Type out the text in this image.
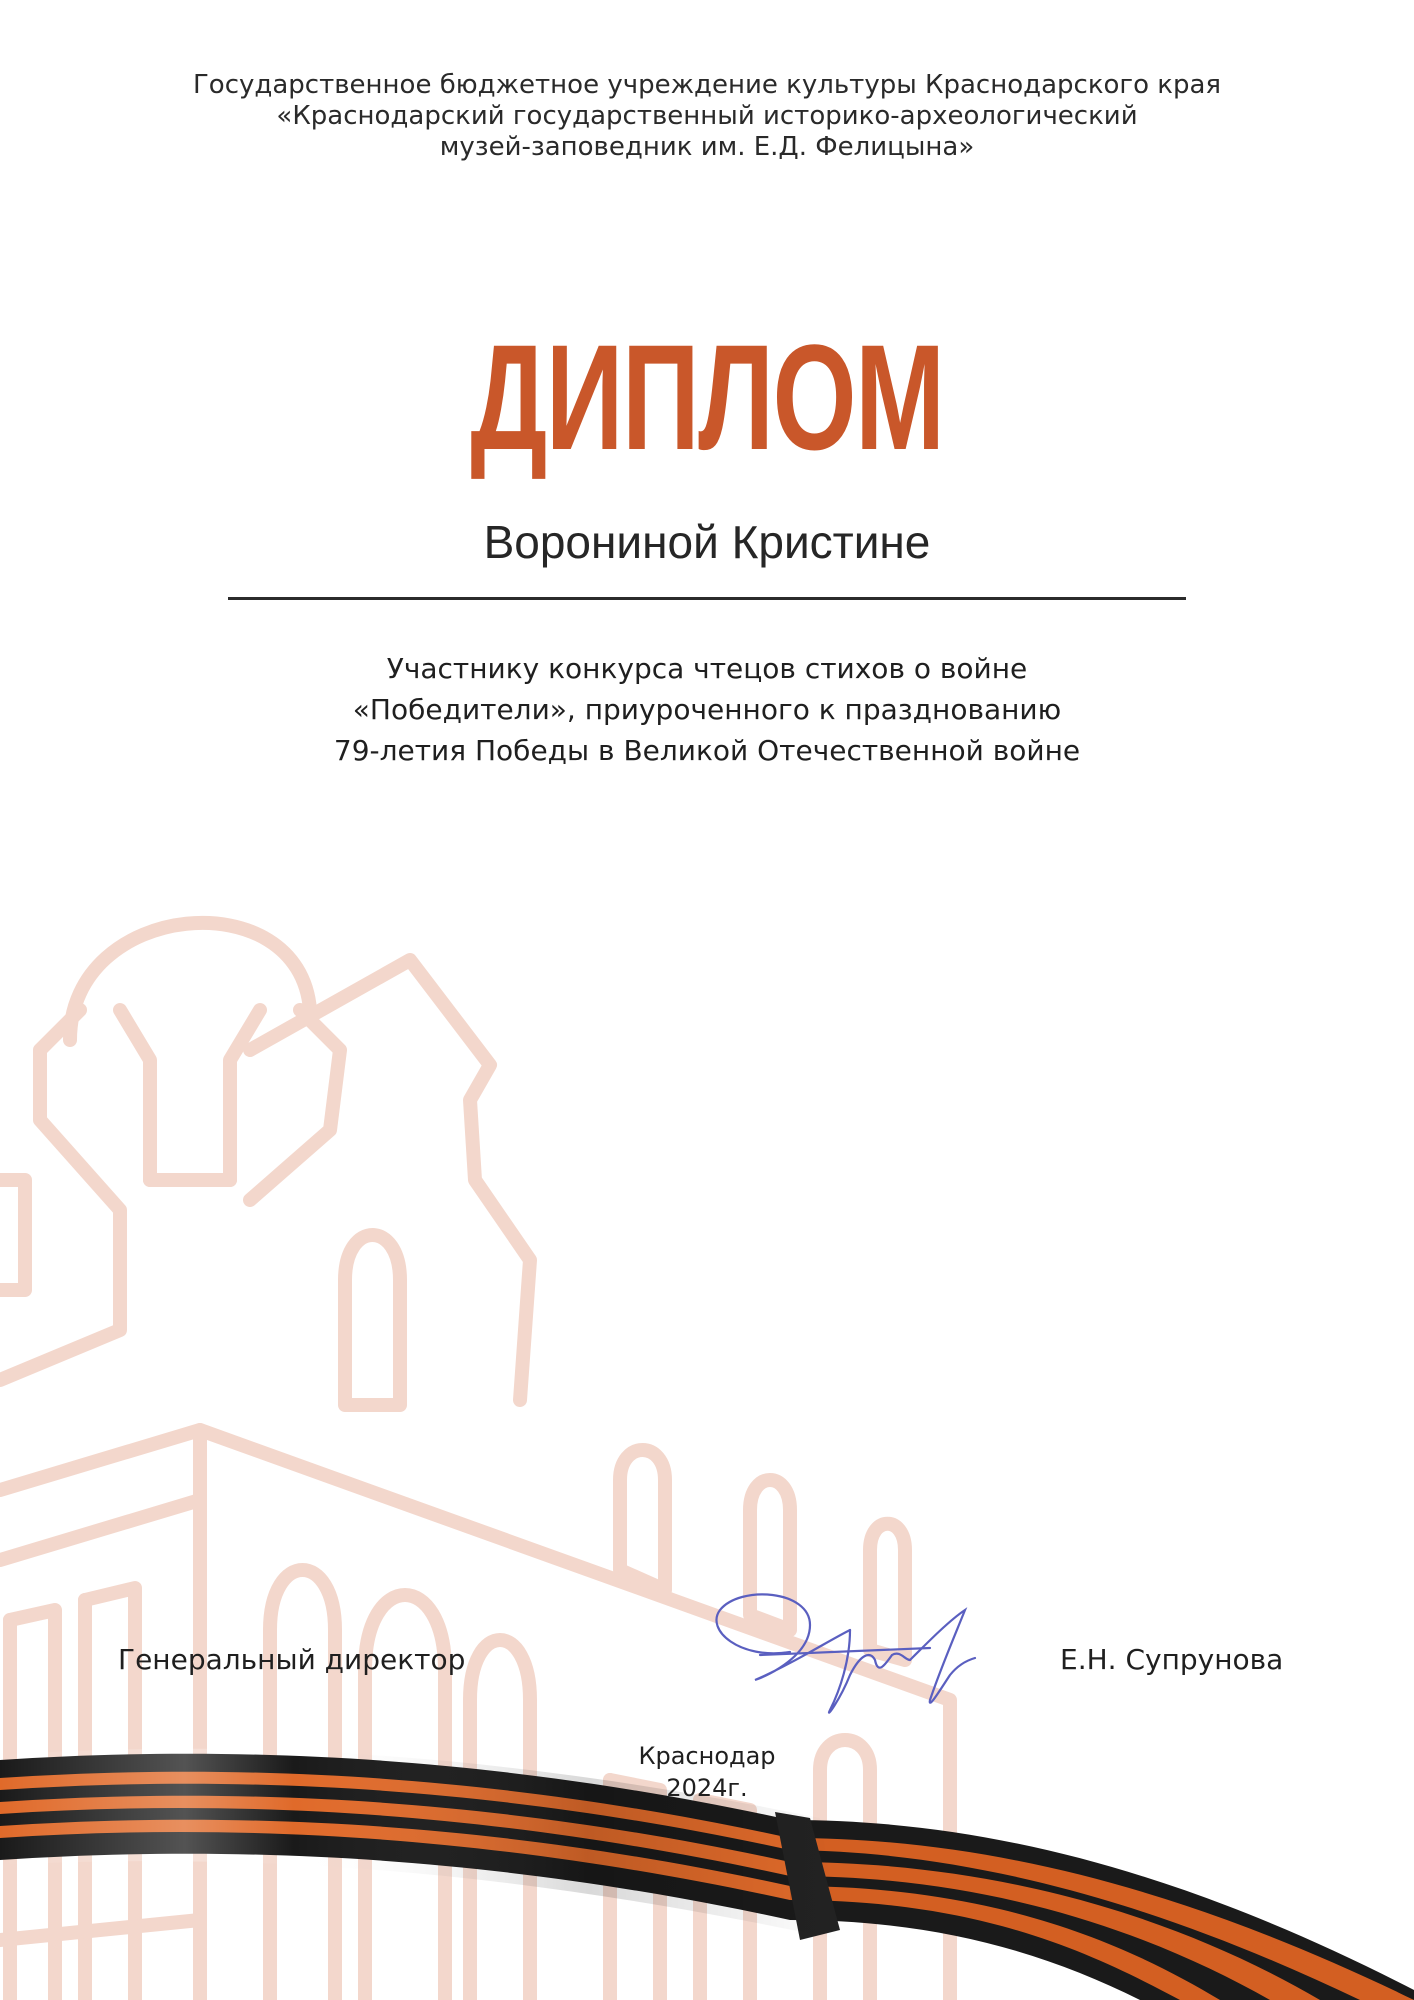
Государственное бюджетное учреждение культуры Краснодарского края
«Краснодарский государственный историко-археологический
музей-заповедник им. Е.Д. Фелицына»
ДИПЛОМ
Ворониной Кристине
Участнику конкурса чтецов стихов о войне
«Победители», приуроченного к празднованию
79-летия Победы в Великой Отечественной войне
Генеральный директор	Е.Н. Супрунова
Краснодар
2024г.
